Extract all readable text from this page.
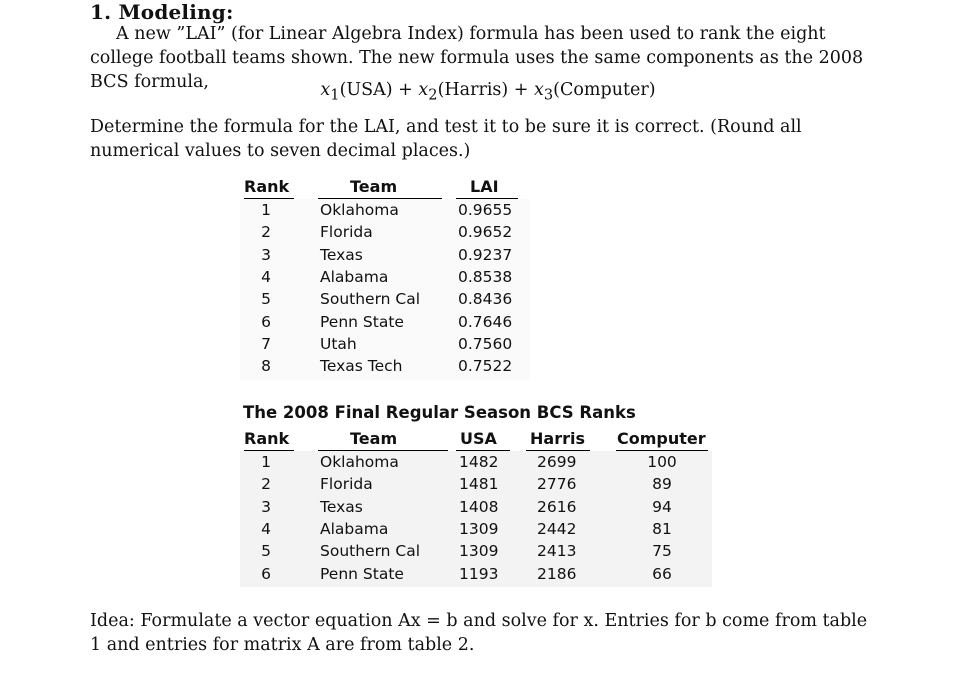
1. Modeling:
A new ”LAI” (for Linear Algebra Index) formula has been used to rank the eight college football teams shown. The new formula uses the same components as the 2008 BCS formula,	$x_1(USA)$ + $x_2(Harris)$ + $x_3(Computer)$
Determine the formula for the LAI, and test it to be sure it is correct. (Round all numerical values to seven decimal places.)
Rank	Team	LAI
1	Oklahoma	0.9655
2	Florida	0.9652
3	Texas	0.9237
4	Alabama	0.8538
5	Southern Cal 0.8436
6	Penn State	0.7646
7	Utah	0.7560
8	Texas Tech	0.7522
The 2008 Final Regular Season BCS Ranks
Rank	Team	USA Harris Computer
1	Oklahoma	1482 2699	100
2	Florida	1481 2776	89
3	Texas	1408 2616	94
4	Alabama	1309 2442	81
5	Southern Cal	1309 2413	75
6	Penn State	1193 2186	66
Idea: Formulate a vector equation Ax = b and solve for x. Entries for b come from table 1 and entries for matrix A are from table 2.
